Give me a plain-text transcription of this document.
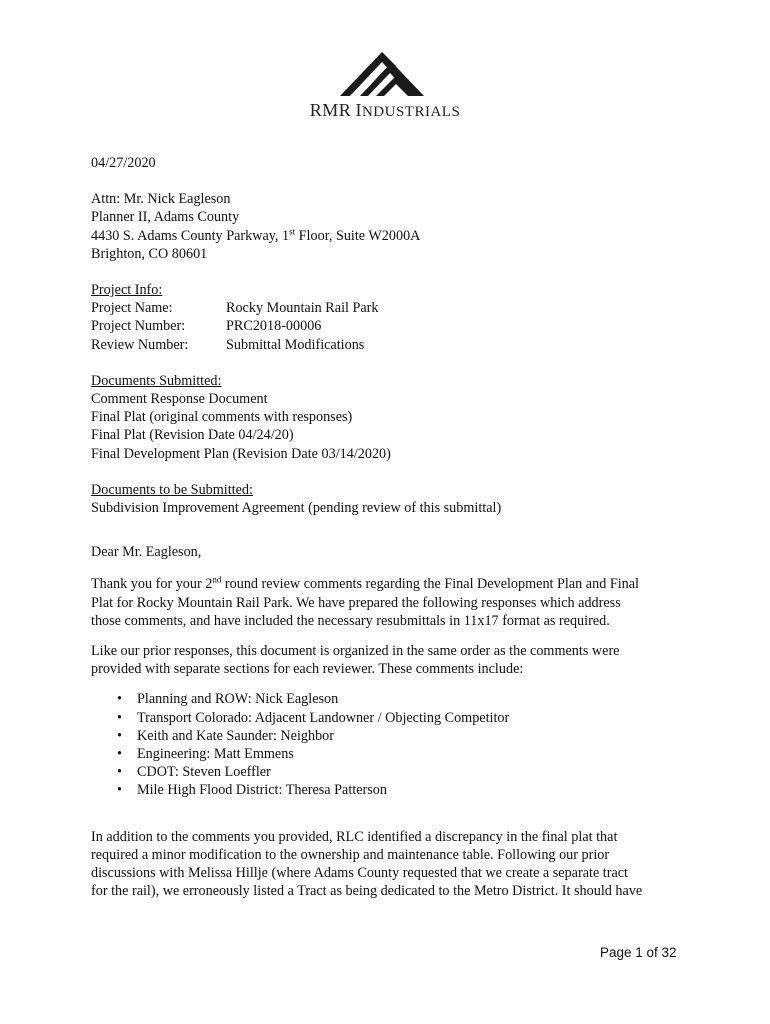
RMR INDUSTRIALS
04/27/2020
Attn: Mr. Nick Eagleson
Planner II, Adams County
4430 S. Adams County Parkway, 1st Floor, Suite W2000A
Brighton, CO 80601
Project Info:
Project Name:	Rocky Mountain Rail Park
Project Number:	PRC2018-00006
Review Number:	Submittal Modifications
Documents Submitted:
Comment Response Document
Final Plat (original comments with responses)
Final Plat (Revision Date 04/24/20)
Final Development Plan (Revision Date 03/14/2020)
Documents to be Submitted:
Subdivision Improvement Agreement (pending review of this submittal)
Dear Mr. Eagleson,

Thank you for your 2nd round review comments regarding the Final Development Plan and Final
Plat for Rocky Mountain Rail Park. We have prepared the following responses which address
those comments, and have included the necessary resubmittals in 11x17 format as required.

Like our prior responses, this document is organized in the same order as the comments were
provided with separate sections for each reviewer. These comments include:

• Planning and ROW: Nick Eagleson
• Transport Colorado: Adjacent Landowner / Objecting Competitor
• Keith and Kate Saunder: Neighbor
• Engineering: Matt Emmens
• CDOT: Steven Loeffler
• Mile High Flood District: Theresa Patterson

In addition to the comments you provided, RLC identified a discrepancy in the final plat that
required a minor modification to the ownership and maintenance table. Following our prior
discussions with Melissa Hillje (where Adams County requested that we create a separate tract
for the rail), we erroneously listed a Tract as being dedicated to the Metro District. It should have

Page 1 of 32
